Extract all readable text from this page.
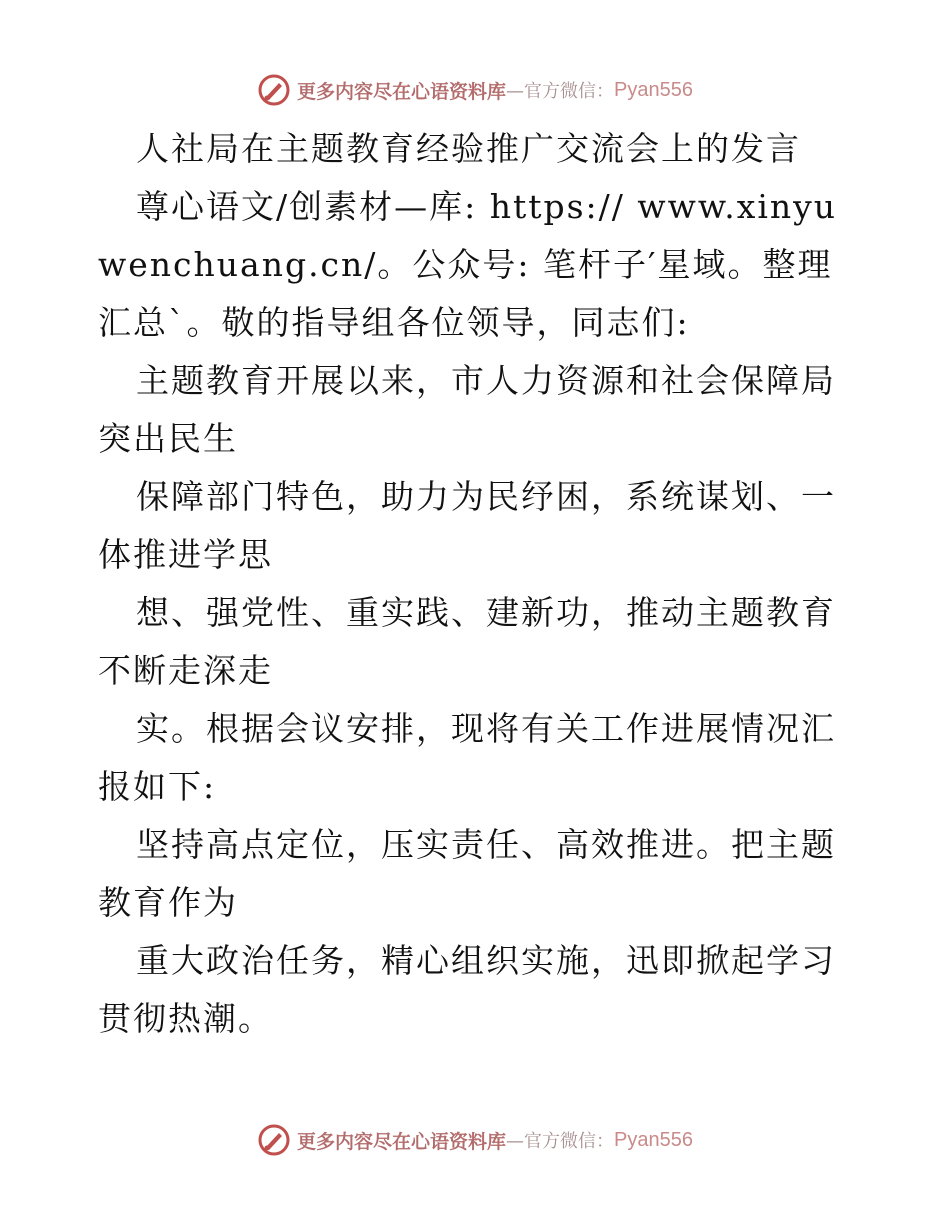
更多内容尽在心语资料库 —官方微信： Pyan556

人社局在主题教育经验推广交流会上的发言

尊心语文/创素材—库: https:// www.xinyuwenchuang.cn/。公众号: 笔杆子′星域。整理汇总`。敬的指导组各位领导，同志们:

主题教育开展以来，市人力资源和社会保障局突出民生

保障部门特色，助力为民纾困，系统谋划、一体推进学思

想、强党性、重实践、建新功，推动主题教育不断走深走

实。根据会议安排，现将有关工作进展情况汇报如下:

坚持高点定位，压实责任、高效推进。把主题教育作为

重大政治任务，精心组织实施，迅即掀起学习贯彻热潮。

更多内容尽在心语资料库 —官方微信： Pyan556
